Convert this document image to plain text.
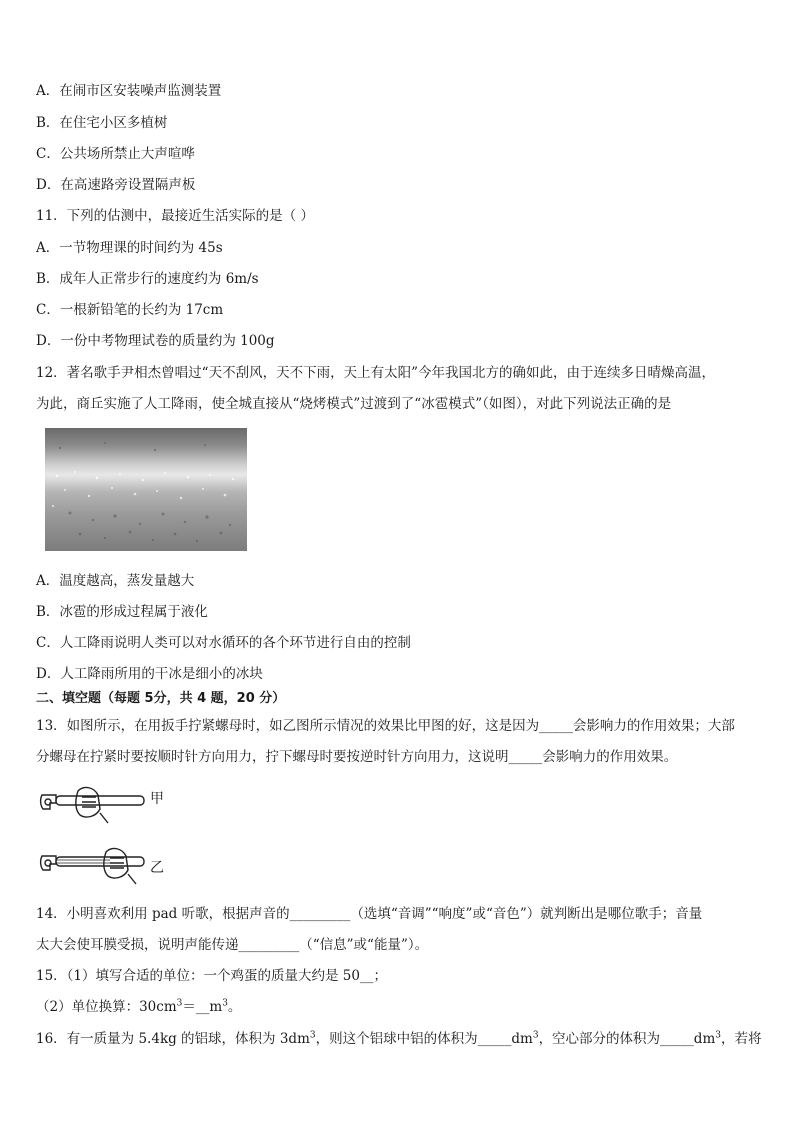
A．在闹市区安装噪声监测装置
B．在住宅小区多植树
C．公共场所禁止大声喧哗
D．在高速路旁设置隔声板
11．下列的估测中，最接近生活实际的是（ ）
A．一节物理课的时间约为 45s
B．成年人正常步行的速度约为 6m/s
C．一根新铅笔的长约为 17cm
D．一份中考物理试卷的质量约为 100g
12．著名歌手尹相杰曾唱过“天不刮风，天不下雨，天上有太阳”今年我国北方的确如此，由于连续多日晴燥高温，
为此，商丘实施了人工降雨，使全城直接从“烧烤模式”过渡到了“冰雹模式”（如图），对此下列说法正确的是
A．温度越高，蒸发量越大
B．冰雹的形成过程属于液化
C．人工降雨说明人类可以对水循环的各个环节进行自由的控制
D．人工降雨所用的干冰是细小的冰块
二、填空题（每题 5分，共 4 题，20 分）
13．如图所示，在用扳手拧紧螺母时，如乙图所示情况的效果比甲图的好，这是因为_____会影响力的作用效果；大部
分螺母在拧紧时要按顺时针方向用力，拧下螺母时要按逆时针方向用力，这说明_____会影响力的作用效果。
甲
乙
14．小明喜欢利用 pad 听歌，根据声音的_________（选填“音调”“响度”或“音色”）就判断出是哪位歌手；音量
太大会使耳膜受损，说明声能传递_________（“信息”或“能量”）。
15．（1）填写合适的单位：一个鸡蛋的质量大约是 50__；
（2）单位换算：$30cm^3=\_\_m^3$。
16．有一质量为 5.4kg 的铝球，体积为 $3dm^3$，则这个铝球中铝的体积为$\_\_\_\_\_dm^3$，空心部分的体积为$\_\_\_\_\_dm^3$，若将
